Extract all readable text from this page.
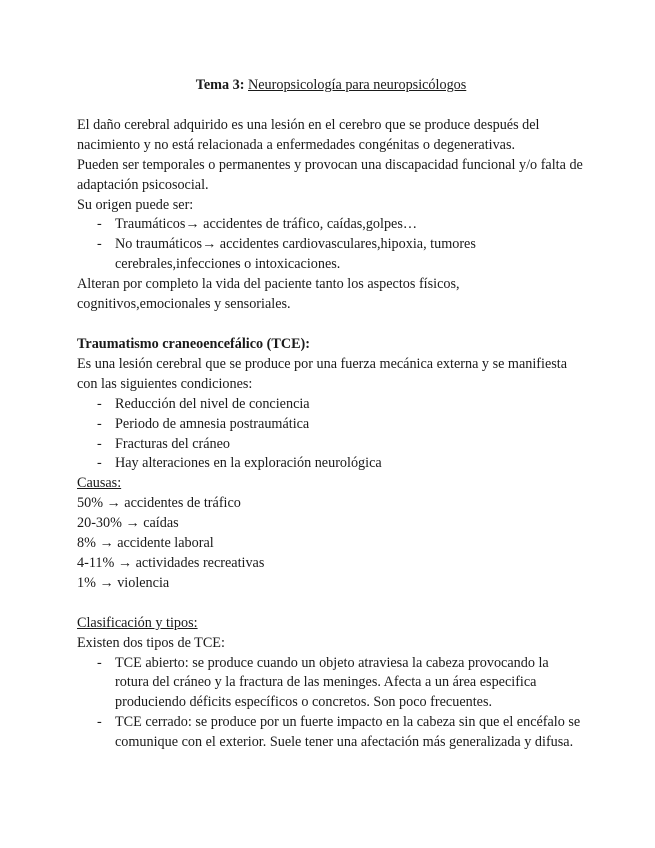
Tema 3: Neuropsicología para neuropsicólogos

El daño cerebral adquirido es una lesión en el cerebro que se produce después del nacimiento y no está relacionada a enfermedades congénitas o degenerativas.

Pueden ser temporales o permanentes y provocan una discapacidad funcional y/o falta de adaptación psicosocial.

Su origen puede ser:

- Traumáticos→ accidentes de tráfico, caídas,golpes…
- No traumáticos→ accidentes cardiovasculares,hipoxia, tumores cerebrales,infecciones o intoxicaciones.

Alteran por completo la vida del paciente tanto los aspectos físicos, cognitivos,emocionales y sensoriales.

Traumatismo craneoencefálico (TCE):

Es una lesión cerebral que se produce por una fuerza mecánica externa y se manifiesta con las siguientes condiciones:

- Reducción del nivel de conciencia
- Periodo de amnesia postraumática
- Fracturas del cráneo
- Hay alteraciones en la exploración neurológica

Causas:

50% → accidentes de tráfico

20-30% → caídas

8% → accidente laboral

4-11% → actividades recreativas

1% → violencia

Clasificación y tipos:

Existen dos tipos de TCE:

- TCE abierto: se produce cuando un objeto atraviesa la cabeza provocando la rotura del cráneo y la fractura de las meninges. Afecta a un área especifica produciendo déficits específicos o concretos. Son poco frecuentes.
- TCE cerrado: se produce por un fuerte impacto en la cabeza sin que el encéfalo se comunique con el exterior. Suele tener una afectación más generalizada y difusa.
